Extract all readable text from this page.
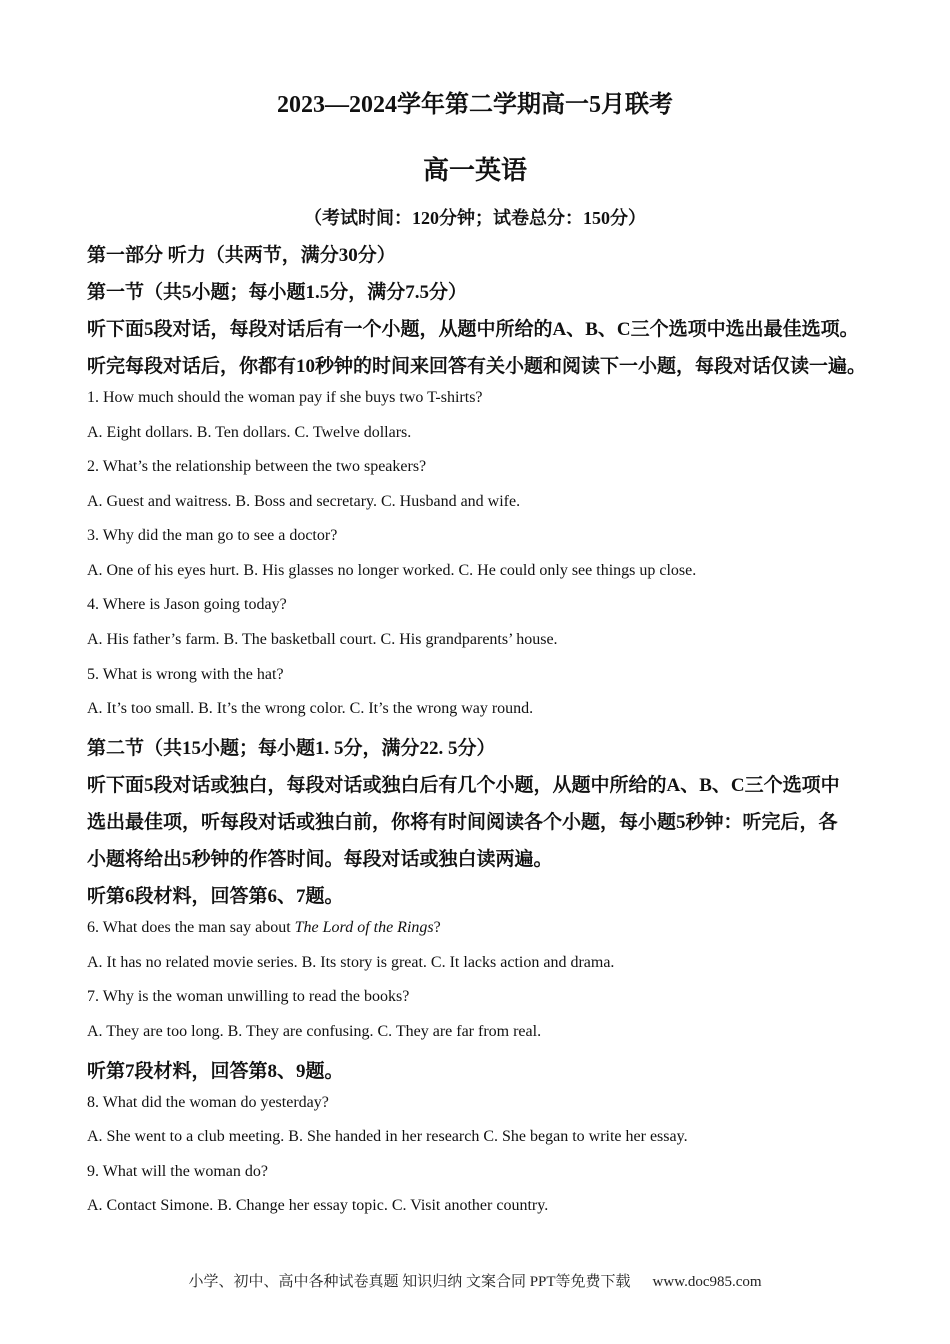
2023—2024学年第二学期高一5月联考
高一英语
（考试时间：120分钟；试卷总分：150分）
第一部分 听力（共两节，满分30分）
第一节（共5小题；每小题1.5分，满分7.5分）
听下面5段对话，每段对话后有一个小题，从题中所给的A、B、C三个选项中选出最佳选项。
听完每段对话后，你都有10秒钟的时间来回答有关小题和阅读下一小题，每段对话仅读一遍。
1. How much should the woman pay if she buys two T-shirts?
A. Eight dollars. B. Ten dollars. C. Twelve dollars.
2. What’s the relationship between the two speakers?
A. Guest and waitress. B. Boss and secretary. C. Husband and wife.
3. Why did the man go to see a doctor?
A. One of his eyes hurt. B. His glasses no longer worked. C. He could only see things up close.
4. Where is Jason going today?
A. His father’s farm. B. The basketball court. C. His grandparents’ house.
5. What is wrong with the hat?
A. It’s too small. B. It’s the wrong color. C. It’s the wrong way round.
第二节（共15小题；每小题1. 5分，满分22. 5分）
听下面5段对话或独白，每段对话或独白后有几个小题，从题中所给的A、B、C三个选项中
选出最佳项，听每段对话或独白前，你将有时间阅读各个小题，每小题5秒钟：听完后，各
小题将给出5秒钟的作答时间。每段对话或独白读两遍。
听第6段材料，回答第6、7题。
6. What does the man say about The Lord of the Rings?
A. It has no related movie series. B. Its story is great. C. It lacks action and drama.
7. Why is the woman unwilling to read the books?
A. They are too long. B. They are confusing. C. They are far from real.
听第7段材料，回答第8、9题。
8. What did the woman do yesterday?
A. She went to a club meeting. B. She handed in her research C. She began to write her essay.
9. What will the woman do?
A. Contact Simone. B. Change her essay topic. C. Visit another country.
小学、初中、高中各种试卷真题 知识归纳 文案合同 PPT等免费下载 www.doc985.com
